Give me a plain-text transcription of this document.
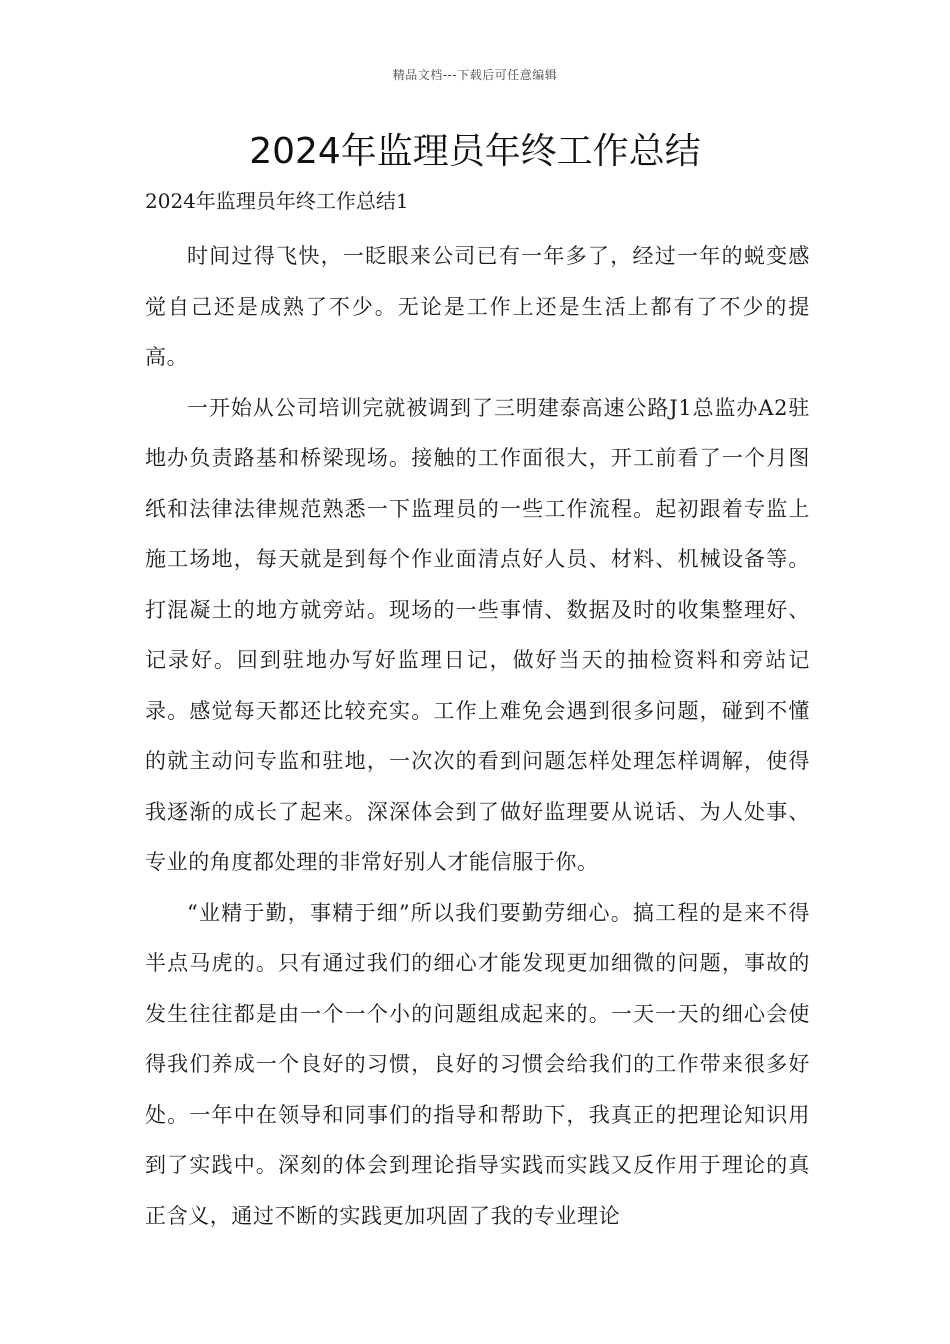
精品文档---下载后可任意编辑
2024年监理员年终工作总结

2024年监理员年终工作总结1

时间过得飞快，一眨眼来公司已有一年多了，经过一年的蜕变感觉自己还是成熟了不少。无论是工作上还是生活上都有了不少的提高。

一开始从公司培训完就被调到了三明建泰高速公路J1总监办A2驻地办负责路基和桥梁现场。接触的工作面很大，开工前看了一个月图纸和法律法律规范熟悉一下监理员的一些工作流程。起初跟着专监上施工场地，每天就是到每个作业面清点好人员、材料、机械设备等。打混凝土的地方就旁站。现场的一些事情、数据及时的收集整理好、记录好。回到驻地办写好监理日记，做好当天的抽检资料和旁站记录。感觉每天都还比较充实。工作上难免会遇到很多问题，碰到不懂的就主动问专监和驻地，一次次的看到问题怎样处理怎样调解，使得我逐渐的成长了起来。深深体会到了做好监理要从说话、为人处事、专业的角度都处理的非常好别人才能信服于你。

“业精于勤，事精于细”所以我们要勤劳细心。搞工程的是来不得半点马虎的。只有通过我们的细心才能发现更加细微的问题，事故的发生往往都是由一个一个小的问题组成起来的。一天一天的细心会使得我们养成一个良好的习惯，良好的习惯会给我们的工作带来很多好处。一年中在领导和同事们的指导和帮助下，我真正的把理论知识用到了实践中。深刻的体会到理论指导实践而实践又反作用于理论的真正含义，通过不断的实践更加巩固了我的专业理论
